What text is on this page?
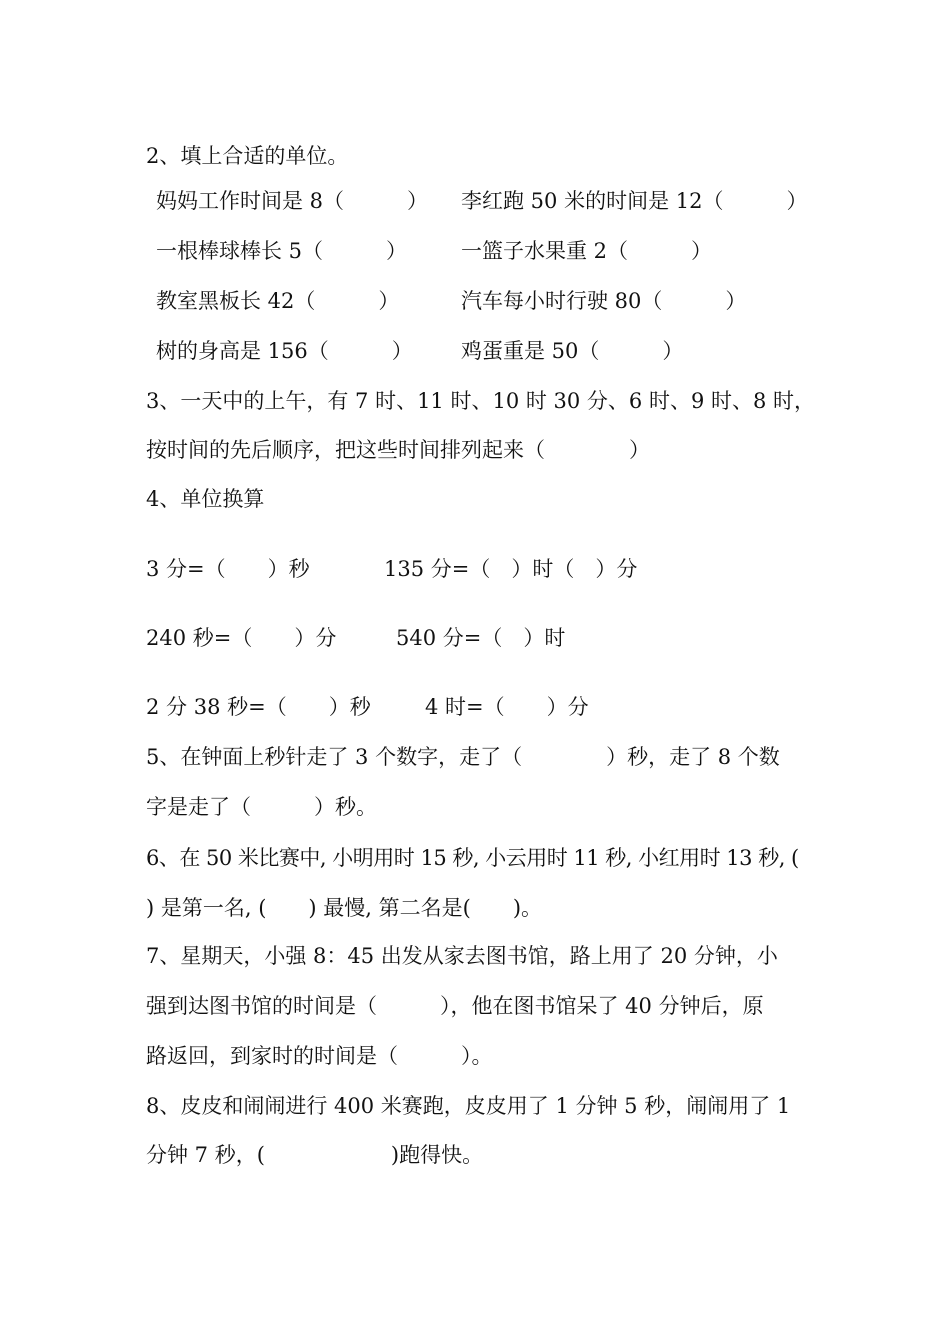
2、填上合适的单位。
妈妈工作时间是 8（　　　） 李红跑 50 米的时间是 12（　　　）
一根棒球棒长 5（　　　）	一篮子水果重 2（　　　）
教室黑板长 42（　　　）	汽车每小时行驶 80（　　　）
树的身高是 156（　　　） 鸡蛋重是 50（　　　）
3、一天中的上午，有 7 时、11 时、10 时 30 分、6 时、9 时、8 时，
按时间的先后顺序，把这些时间排列起来（　　　　）
4、单位换算
3 分=（　　）秒	135 分=（　）时（　）分
240 秒=（　　）分	540 分=（　）时
2 分 38 秒=（　　）秒	4 时=（　　）分
5、在钟面上秒针走了 3 个数字，走了（　　　　）秒，走了 8 个数
字是走了（　　　）秒。
6、在 50 米比赛中, 小明用时 15 秒, 小云用时 11 秒, 小红用时 13 秒, (
) 是第一名, (　　) 最慢, 第二名是(　　)。
7、星期天，小强 8：45 出发从家去图书馆，路上用了 20 分钟，小
强到达图书馆的时间是（　　　），他在图书馆呆了 40 分钟后，原
路返回，到家时的时间是（　　　）。
8、皮皮和闹闹进行 400 米赛跑，皮皮用了 1 分钟 5 秒，闹闹用了 1
分钟 7 秒，(　　　　　　)跑得快。
